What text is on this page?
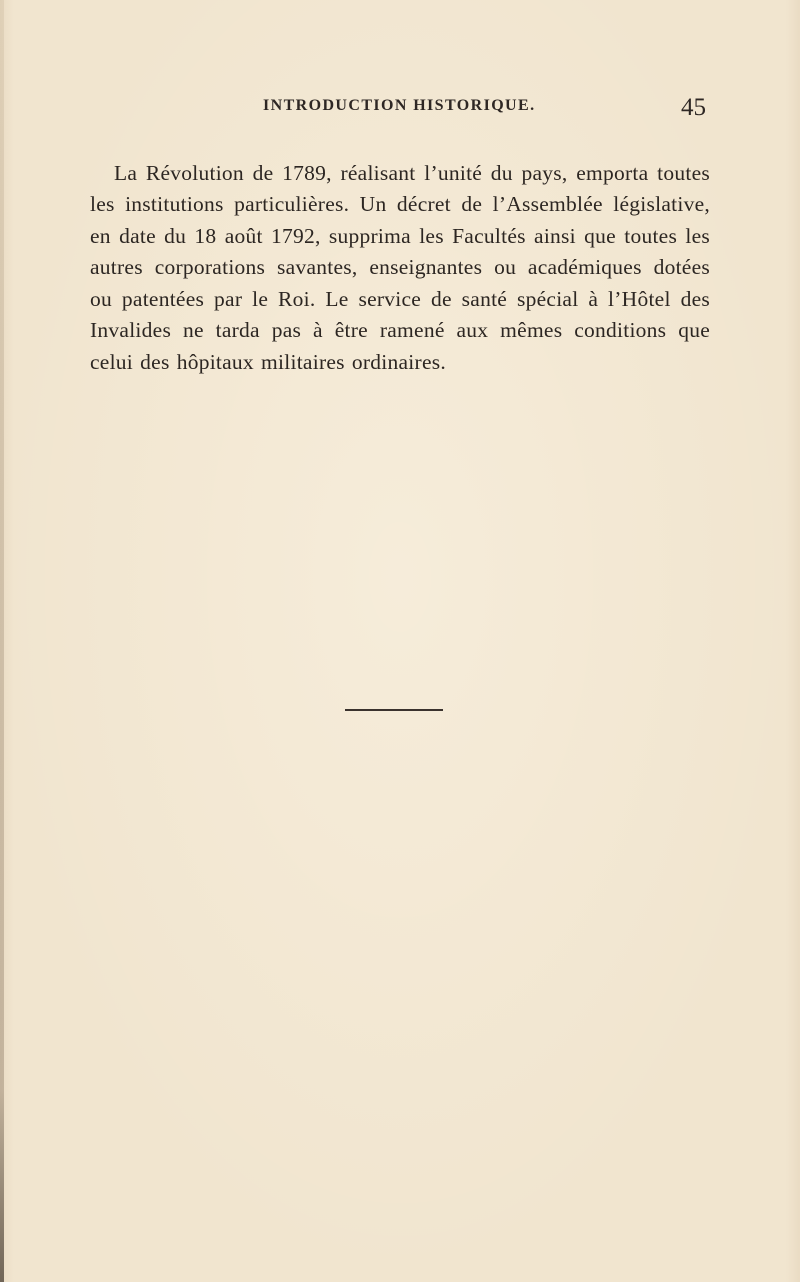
INTRODUCTION HISTORIQUE.	45

La Révolution de 1789, réalisant l’unité du pays, emporta toutes les institutions particulières. Un décret de l’Assemblée législative, en date du 18 août 1792, supprima les Facultés ainsi que toutes les autres corporations savantes, enseignantes ou académiques dotées ou patentées par le Roi. Le service de santé spécial à l’Hôtel des Invalides ne tarda pas à être ramené aux mêmes conditions que celui des hôpitaux militaires ordinaires.
